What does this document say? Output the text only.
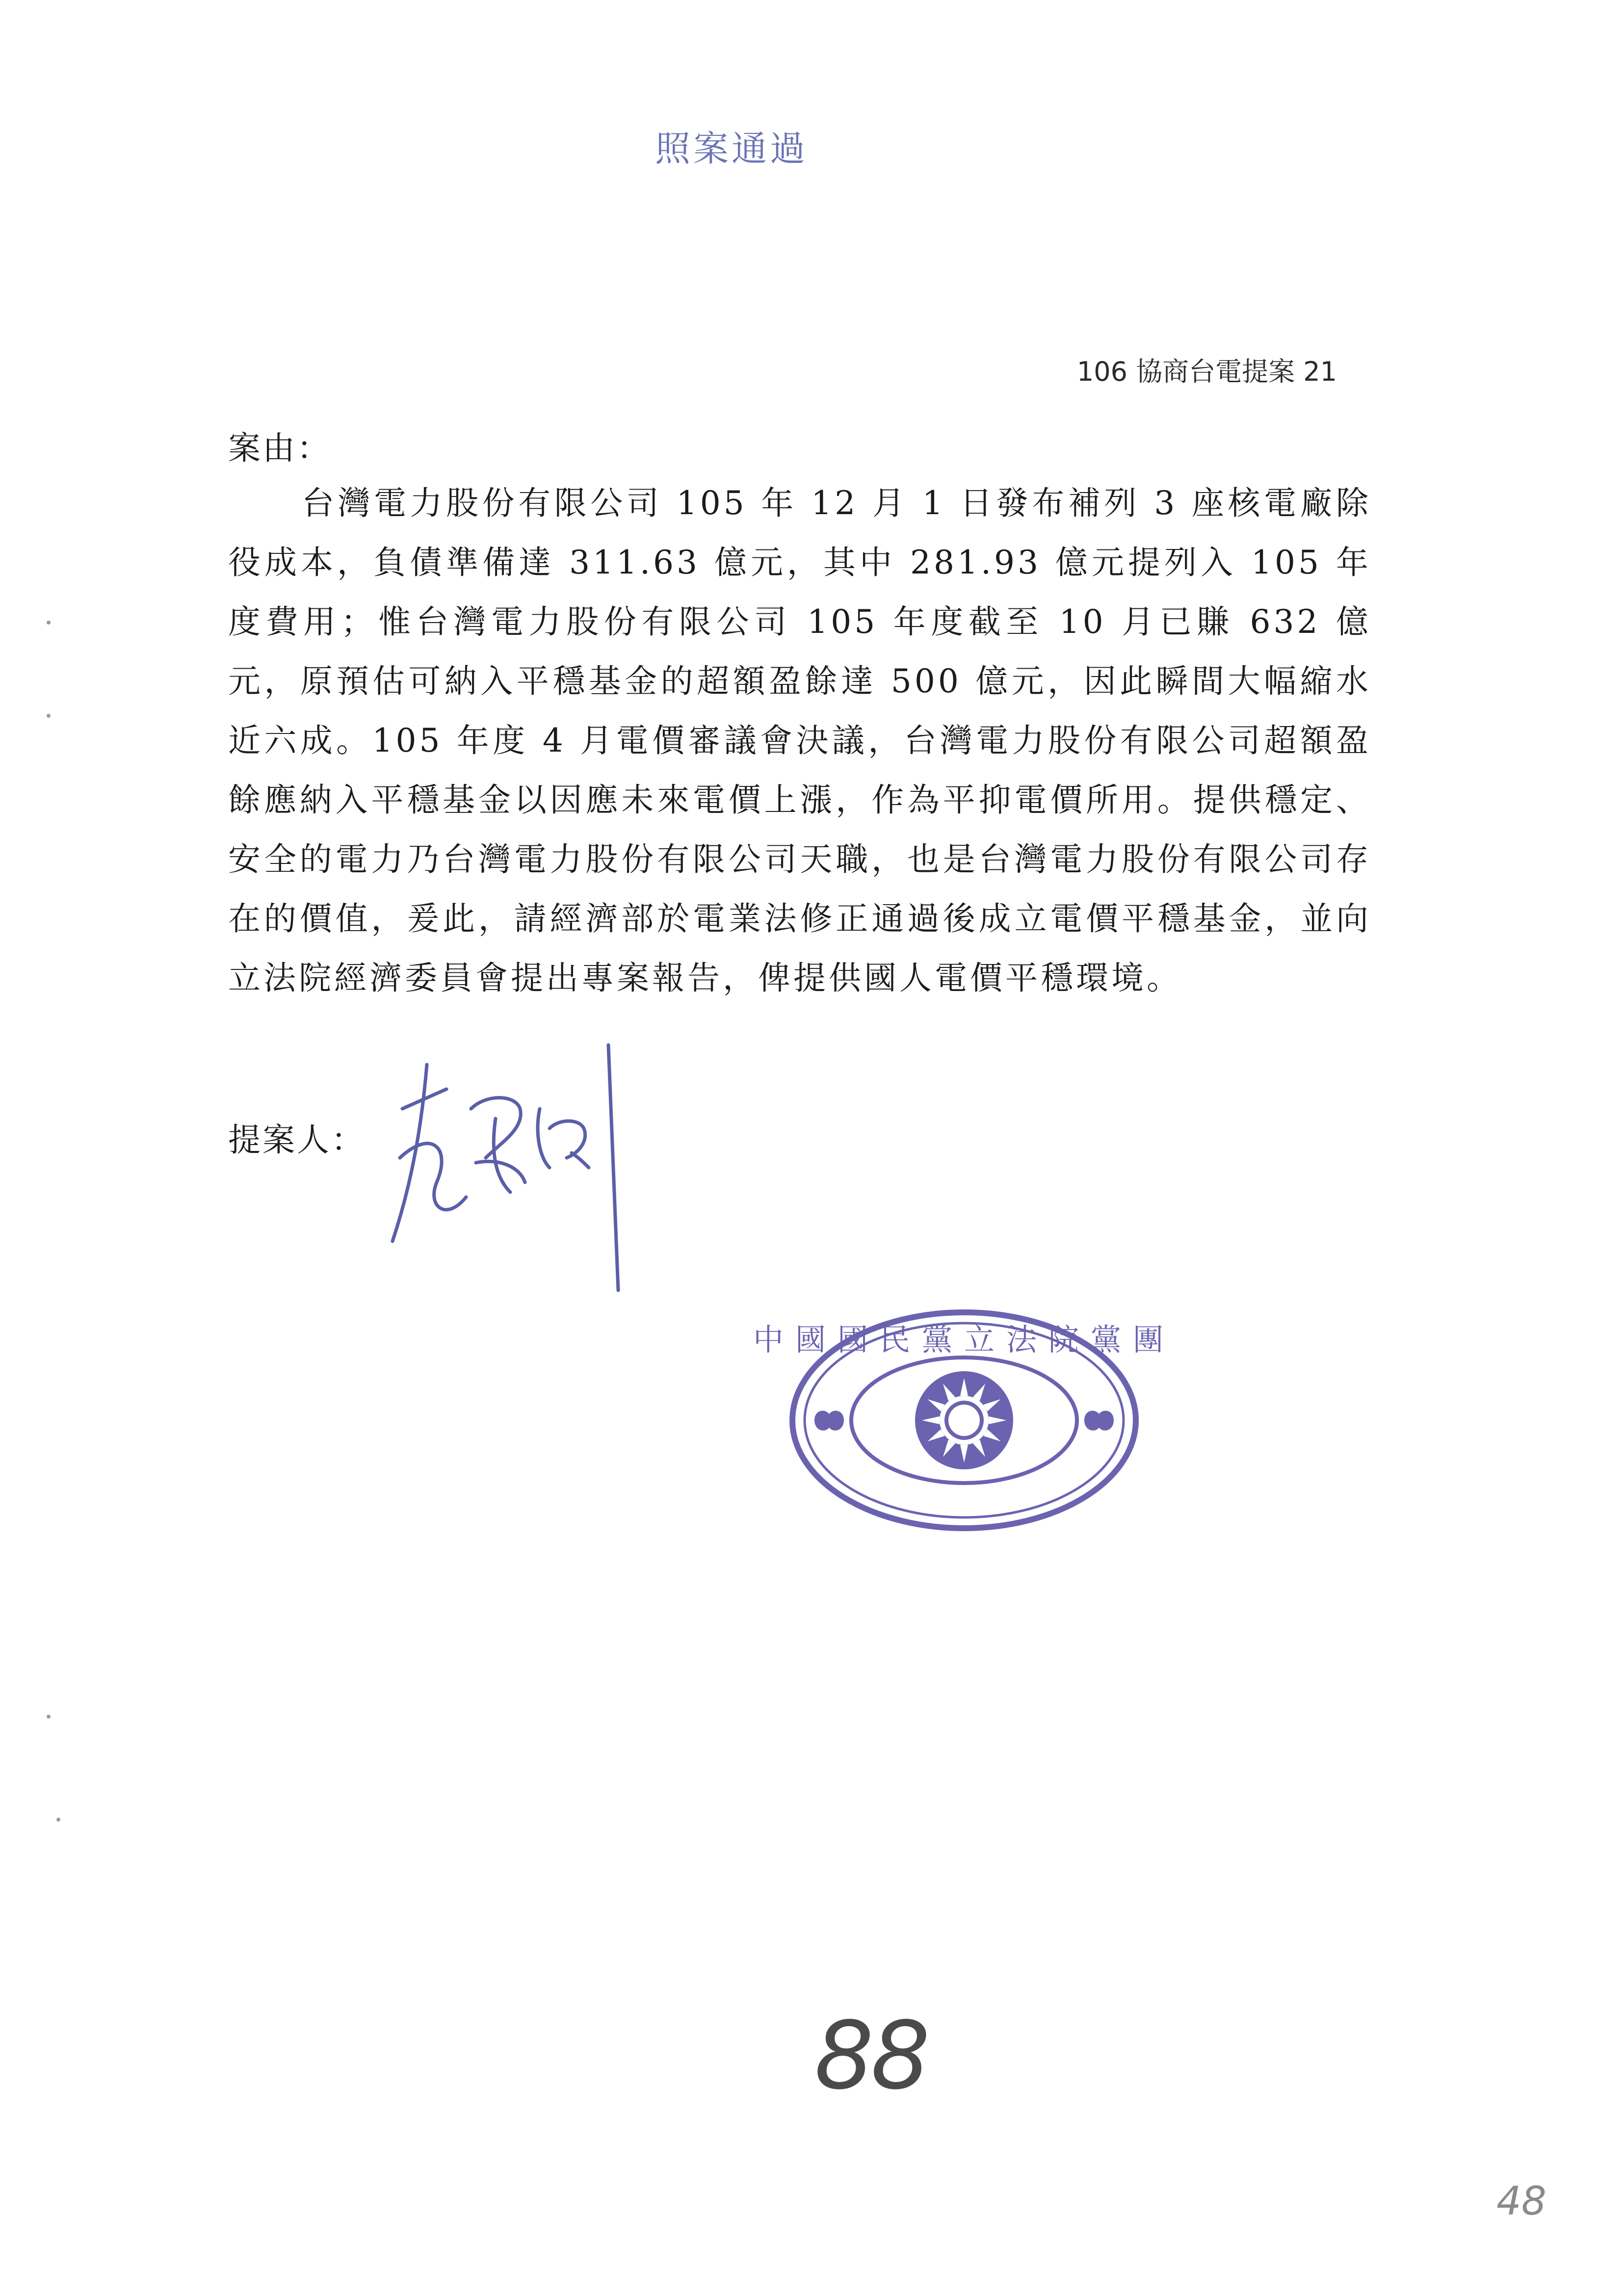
照案通過
106 協商台電提案 21
案由：

台灣電力股份有限公司 105 年 12 月 1 日發布補列 3 座核電廠除役成本，負債準備達 311.63 億元，其中 281.93 億元提列入 105 年度費用；惟台灣電力股份有限公司 105 年度截至 10 月已賺 632 億元，原預估可納入平穩基金的超額盈餘達 500 億元，因此瞬間大幅縮水近六成。105 年度 4 月電價審議會決議，台灣電力股份有限公司超額盈餘應納入平穩基金以因應未來電價上漲，作為平抑電價所用。提供穩定、安全的電力乃台灣電力股份有限公司天職，也是台灣電力股份有限公司存在的價值，爰此，請經濟部於電業法修正通過後成立電價平穩基金，並向立法院經濟委員會提出專案報告，俾提供國人電價平穩環境。

提案人：
中國國民黨立法院黨團
88
48
